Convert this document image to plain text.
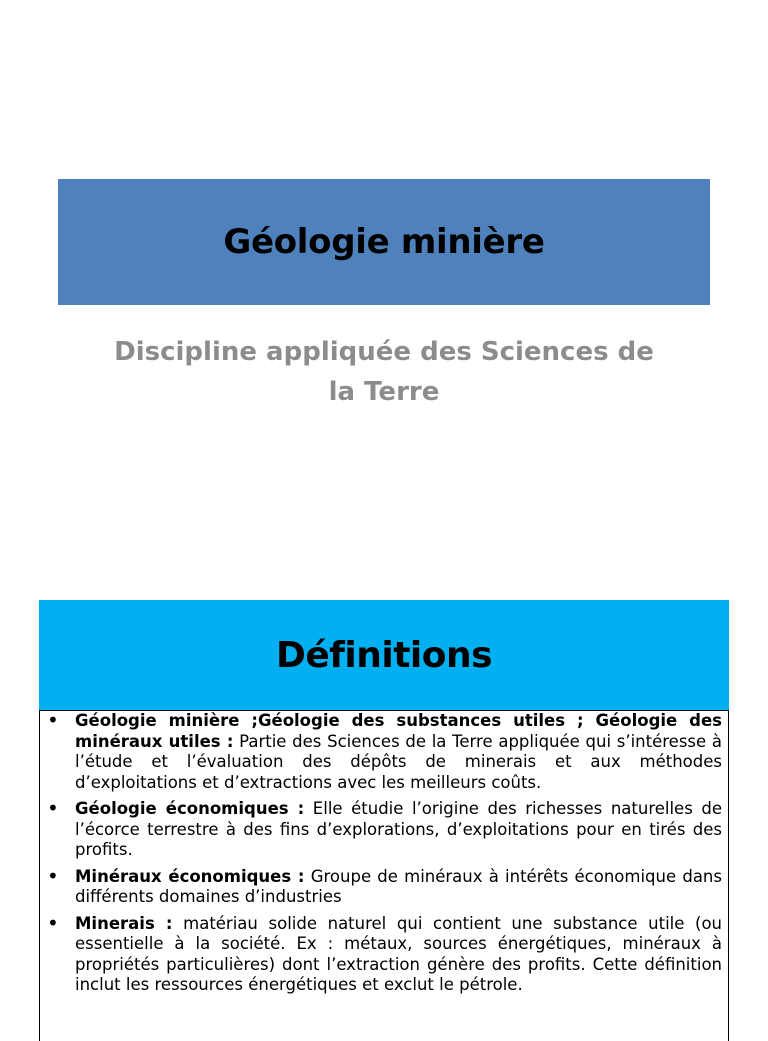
Géologie minière
Discipline appliquée des Sciences de la Terre
Définitions
• Géologie minière ;Géologie des substances utiles ; Géologie des minéraux utiles : Partie des Sciences de la Terre appliquée qui s’intéresse à l’étude et l’évaluation des dépôts de minerais et aux méthodes d’exploitations et d’extractions avec les meilleurs coûts.
• Géologie économiques : Elle étudie l’origine des richesses naturelles de l’écorce terrestre à des fins d’explorations, d’exploitations pour en tirés des profits.
• Minéraux économiques : Groupe de minéraux à intérêts économique dans différents domaines d’industries
• Minerais : matériau solide naturel qui contient une substance utile (ou essentielle à la société. Ex : métaux, sources énergétiques, minéraux à propriétés particulières) dont l’extraction génère des profits. Cette définition inclut les ressources énergétiques et exclut le pétrole.
